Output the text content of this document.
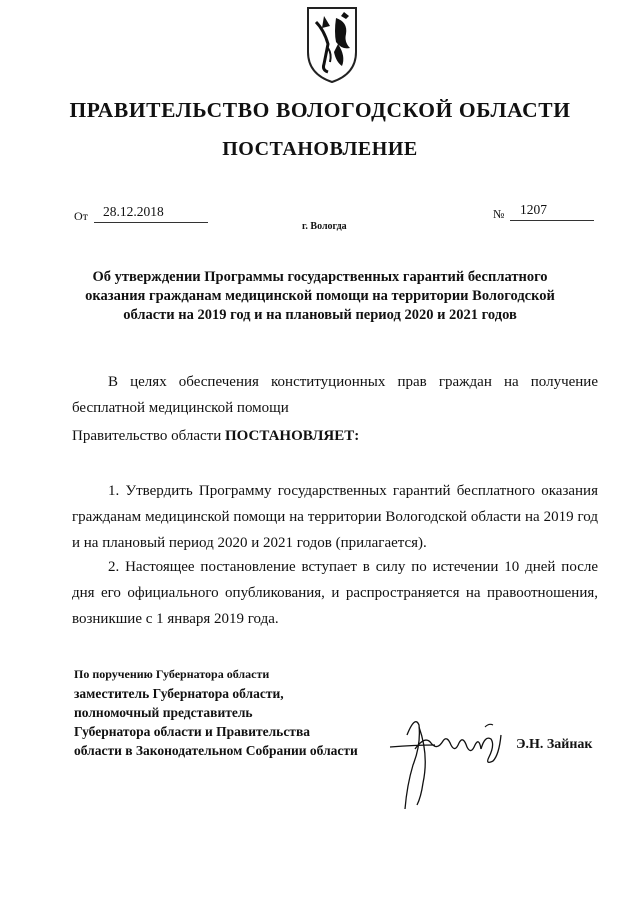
ПРАВИТЕЛЬСТВО ВОЛОГОДСКОЙ ОБЛАСТИ
ПОСТАНОВЛЕНИЕ
От 28.12.2018	№ 1207
г. Вологда
Об утверждении Программы государственных гарантий бесплатного оказания гражданам медицинской помощи на территории Вологодской области на 2019 год и на плановый период 2020 и 2021 годов
В целях обеспечения конституционных прав граждан на получение бесплатной медицинской помощи
Правительство области ПОСТАНОВЛЯЕТ:
1. Утвердить Программу государственных гарантий бесплатного оказания гражданам медицинской помощи на территории Вологодской области на 2019 год и на плановый период 2020 и 2021 годов (прилагается).
2. Настоящее постановление вступает в силу по истечении 10 дней после дня его официального опубликования, и распространяется на правоотношения, возникшие с 1 января 2019 года.
По поручению Губернатора области
заместитель Губернатора области,
полномочный представитель
Губернатора области и Правительства
области в Законодательном Собрании области	Э.Н. Зайнак
